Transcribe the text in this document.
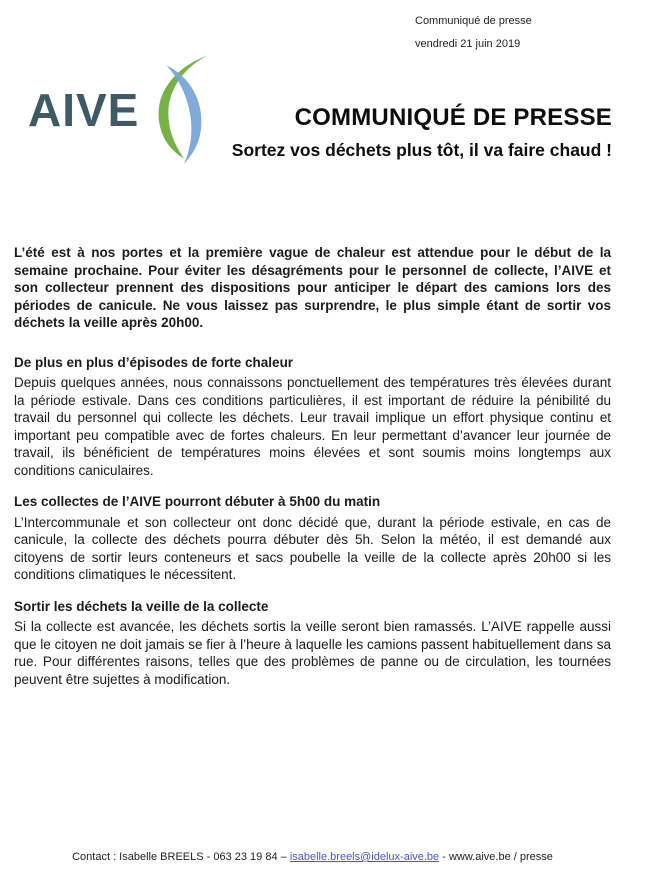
Communiqué de presse
vendredi 21 juin 2019
AIVE	COMMUNIQUÉ DE PRESSE
Sortez vos déchets plus tôt, il va faire chaud !

L’été est à nos portes et la première vague de chaleur est attendue pour le début de la semaine prochaine. Pour éviter les désagréments pour le personnel de collecte, l’AIVE et son collecteur prennent des dispositions pour anticiper le départ des camions lors des périodes de canicule. Ne vous laissez pas surprendre, le plus simple étant de sortir vos déchets la veille après 20h00.

De plus en plus d’épisodes de forte chaleur

Depuis quelques années, nous connaissons ponctuellement des températures très élevées durant la période estivale. Dans ces conditions particulières, il est important de réduire la pénibilité du travail du personnel qui collecte les déchets. Leur travail implique un effort physique continu et important peu compatible avec de fortes chaleurs. En leur permettant d’avancer leur journée de travail, ils bénéficient de températures moins élevées et sont soumis moins longtemps aux conditions caniculaires.

Les collectes de l’AIVE pourront débuter à 5h00 du matin

L’Intercommunale et son collecteur ont donc décidé que, durant la période estivale, en cas de canicule, la collecte des déchets pourra débuter dès 5h. Selon la météo, il est demandé aux citoyens de sortir leurs conteneurs et sacs poubelle la veille de la collecte après 20h00 si les conditions climatiques le nécessitent.

Sortir les déchets la veille de la collecte

Si la collecte est avancée, les déchets sortis la veille seront bien ramassés. L’AIVE rappelle aussi que le citoyen ne doit jamais se fier à l’heure à laquelle les camions passent habituellement dans sa rue. Pour différentes raisons, telles que des problèmes de panne ou de circulation, les tournées peuvent être sujettes à modification.

Contact : Isabelle BREELS - 063 23 19 84 – isabelle.breels@idelux-aive.be - www.aive.be / presse
